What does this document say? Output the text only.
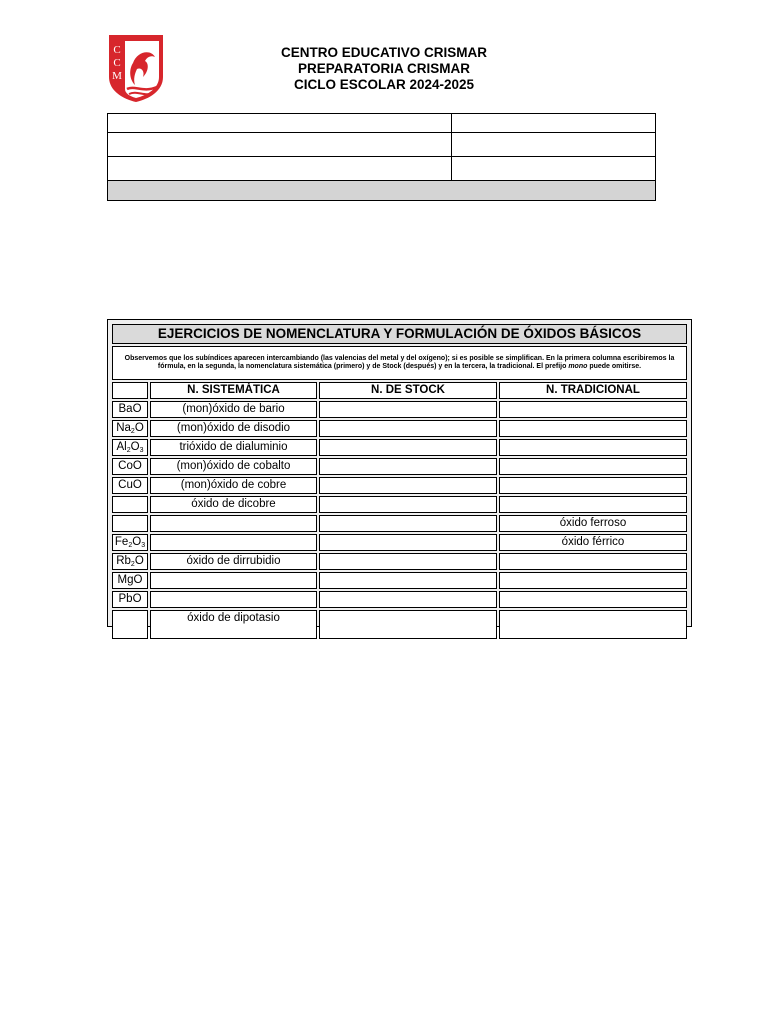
C
C
M
CENTRO EDUCATIVO CRISMAR
PREPARATORIA CRISMAR
CICLO ESCOLAR 2024-2025

EJERCICIOS DE NOMENCLATURA Y FORMULACIÓN DE ÓXIDOS BÁSICOS			
Observemos que los subíndices aparecen intercambiando (las valencias del metal y del oxígeno); si es posible se simplifican. En la primera columna escribiremos la fórmula, en la segunda, la nomenclatura sistemática (primero) y de Stock (después) y en la tercera, la tradicional. El prefijo mono puede omitirse.			
	N. SISTEMÁTICA	N. DE STOCK	N. TRADICIONAL
BaO	(mon)óxido de bario		
$Na_2O$	(mon)óxido de disodio		
$Al_2O_3$	trióxido de dialuminio		
CoO	(mon)óxido de cobalto		
CuO	(mon)óxido de cobre		
	óxido de dicobre		
			óxido ferroso
$Fe_2O_3$			óxido férrico
$Rb_2O$	óxido de dirrubidio		
MgO			
PbO			
	óxido de dipotasio		
